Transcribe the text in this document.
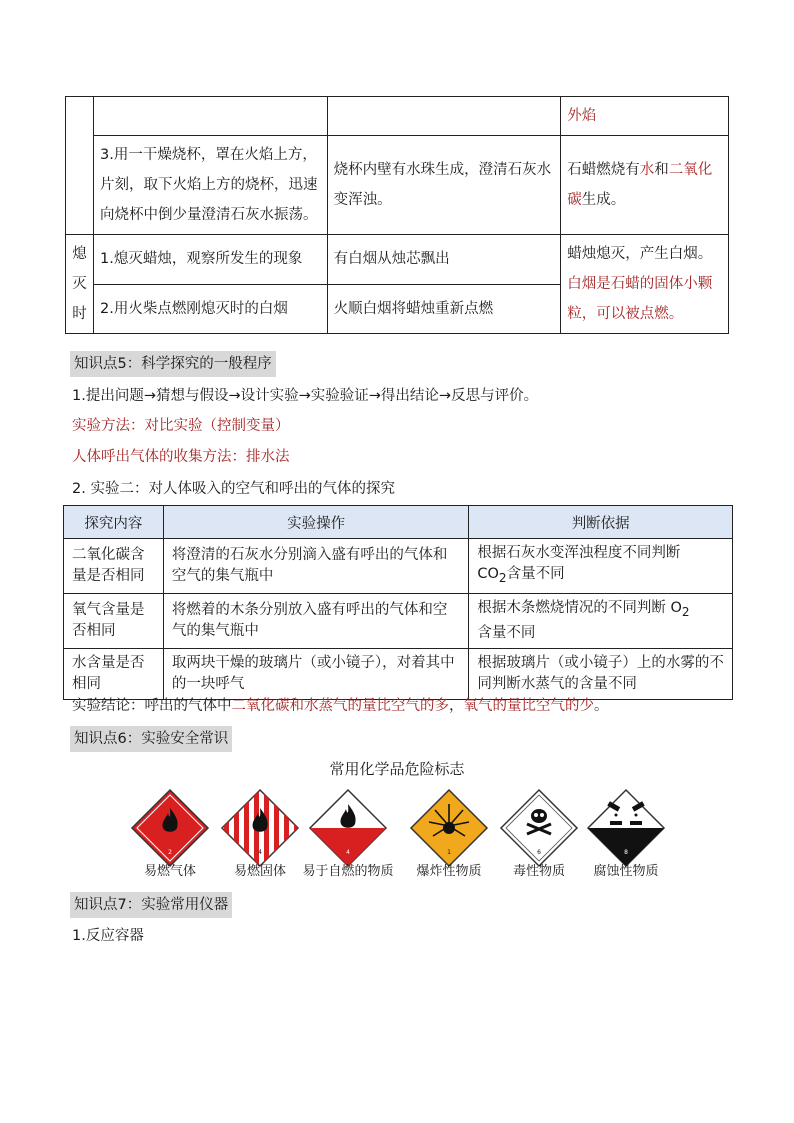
			外焰
	3.用一干燥烧杯，罩在火焰上方，片刻，取下火焰上方的烧杯，迅速向烧杯中倒少量澄清石灰水振荡。	烧杯内壁有水珠生成，澄清石灰水变浑浊。	石蜡燃烧有水和二氧化碳生成。
熄灭时	1.熄灭蜡烛，观察所发生的现象	有白烟从烛芯飘出	蜡烛熄灭，产生白烟。
白烟是石蜡的固体小颗粒，可以被点燃。

	2.用火柴点燃刚熄灭时的白烟	火顺白烟将蜡烛重新点燃	
知识点5：科学探究的一般程序
1.提出问题→猜想与假设→设计实验→实验验证→得出结论→反思与评价。
实验方法：对比实验（控制变量）
人体呼出气体的收集方法：排水法
2. 实验二：对人体吸入的空气和呼出的气体的探究
探究内容	实验操作	判断依据
二氧化碳含量是否相同	将澄清的石灰水分别滴入盛有呼出的气体和空气的集气瓶中	根据石灰水变浑浊程度不同判断
$CO_2$含量不同
氧气含量是否相同	将燃着的木条分别放入盛有呼出的气体和空气的集气瓶中	根据木条燃烧情况的不同判断 $O_2$
含量不同
水含量是否相同	取两块干燥的玻璃片（或小镜子），对着其中的一块呼气	根据玻璃片（或小镜子）上的水雾的不同判断水蒸气的含量不同
实验结论：呼出的气体中二氧化碳和水蒸气的量比空气的多，氧气的量比空气的少。
知识点6：实验安全常识
常用化学品危险标志
2
易燃气体
4
易燃固体
4
易于自燃的物质
1
爆炸性物质
6
毒性物质
8
腐蚀性物质
知识点7：实验常用仪器
1.反应容器
